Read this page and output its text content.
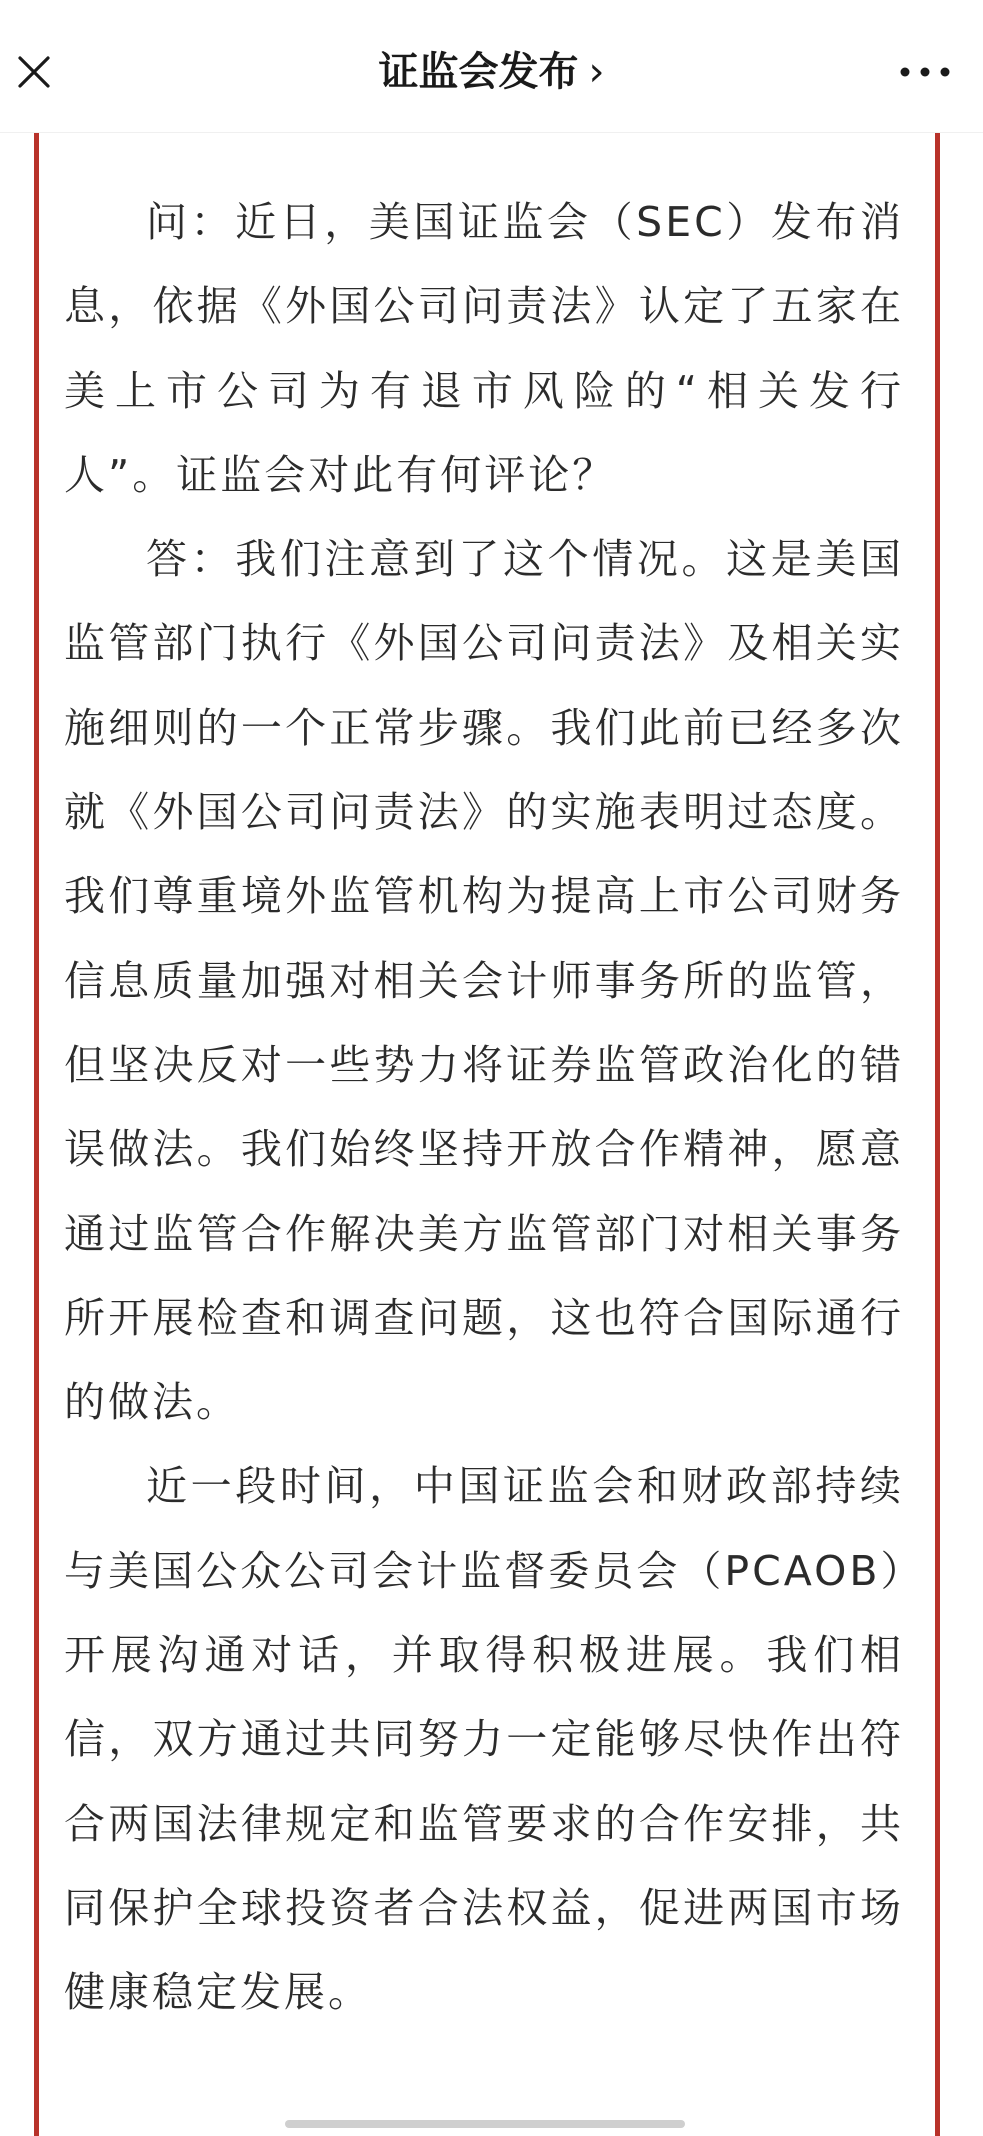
证监会发布 ›

问：近日，美国证监会（SEC）发布消息，依据《外国公司问责法》认定了五家在美上市公司为有退市风险的“相关发行人”。证监会对此有何评论？

答：我们注意到了这个情况。这是美国监管部门执行《外国公司问责法》及相关实施细则的一个正常步骤。我们此前已经多次就《外国公司问责法》的实施表明过态度。我们尊重境外监管机构为提高上市公司财务信息质量加强对相关会计师事务所的监管，但坚决反对一些势力将证券监管政治化的错误做法。我们始终坚持开放合作精神，愿意通过监管合作解决美方监管部门对相关事务所开展检查和调查问题，这也符合国际通行的做法。

近一段时间，中国证监会和财政部持续与美国公众公司会计监督委员会（PCAOB）开展沟通对话，并取得积极进展。我们相信，双方通过共同努力一定能够尽快作出符合两国法律规定和监管要求的合作安排，共同保护全球投资者合法权益，促进两国市场健康稳定发展。
